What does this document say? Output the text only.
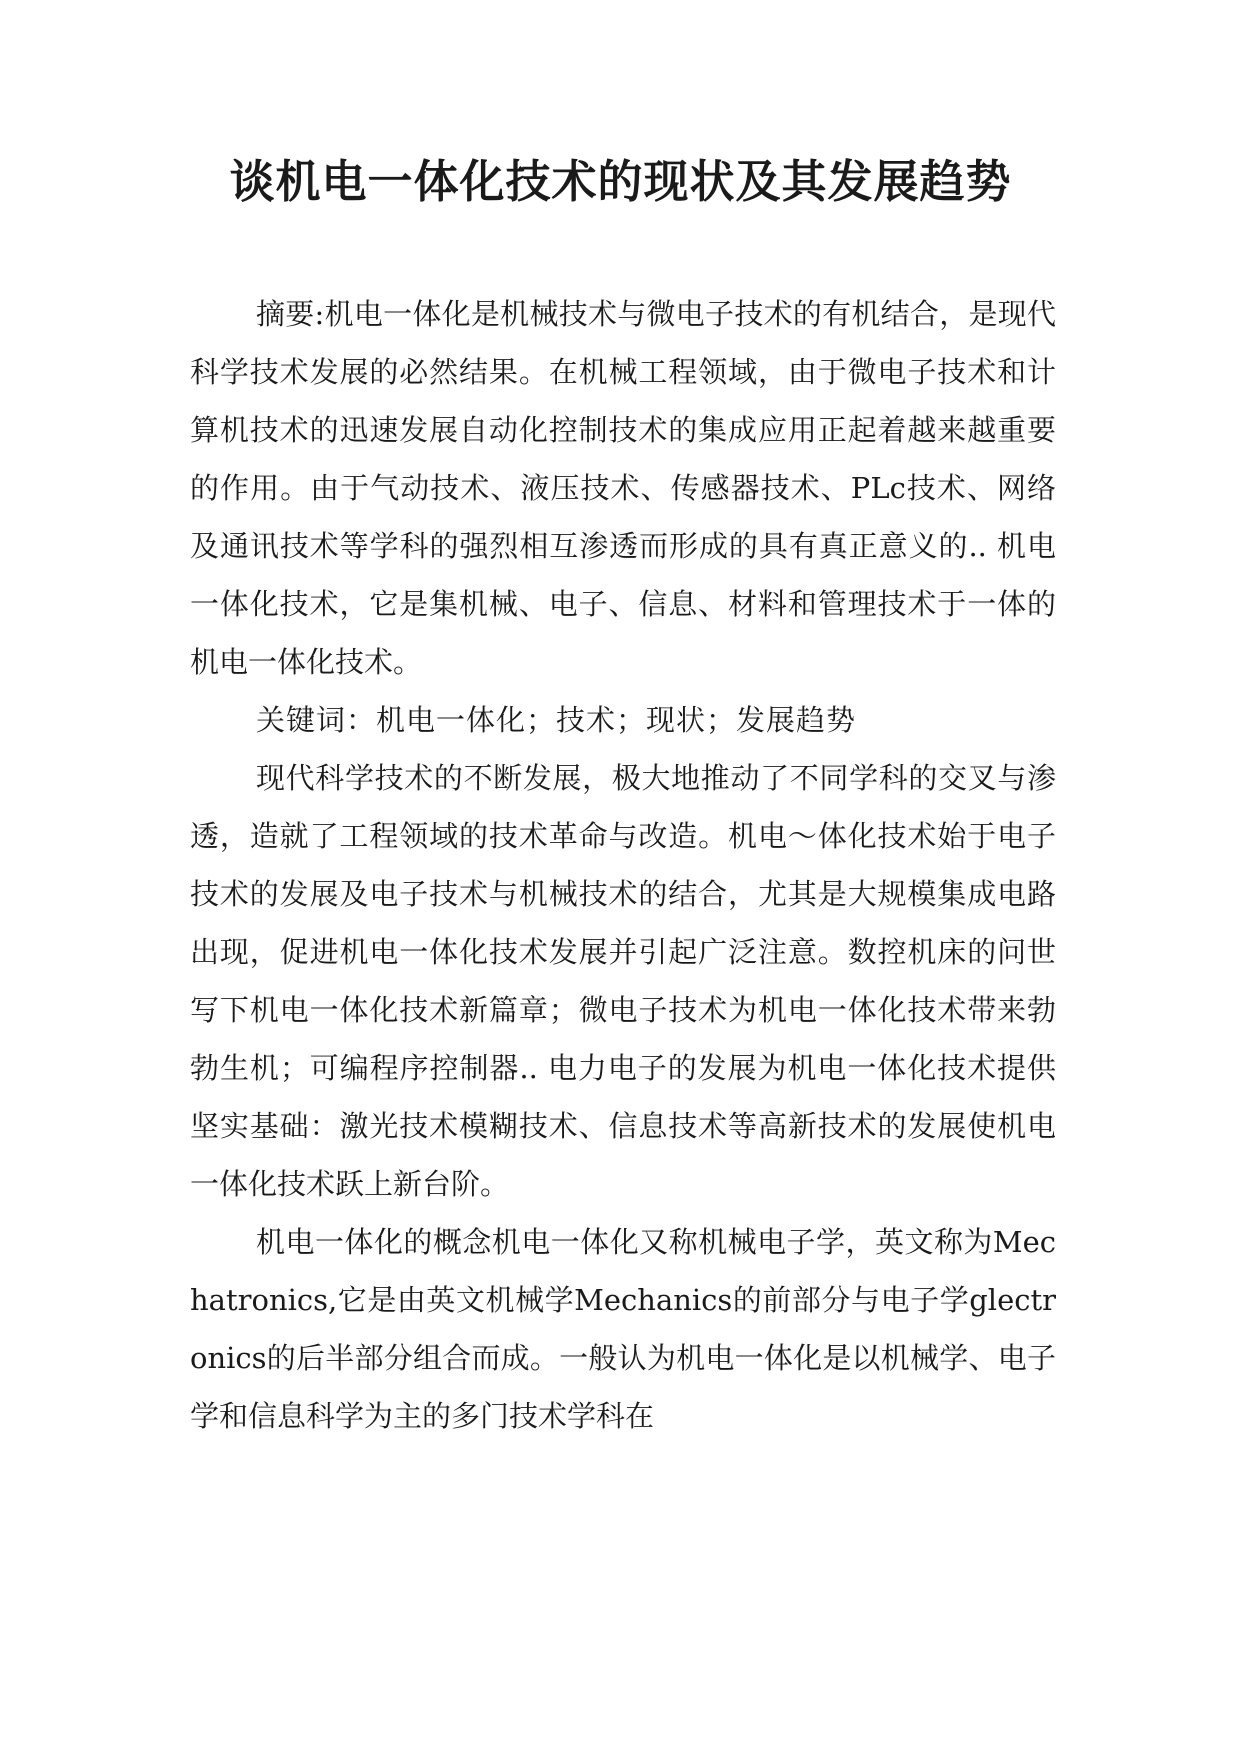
谈机电一体化技术的现状及其发展趋势

摘要:机电一体化是机械技术与微电子技术的有机结合，是现代科学技术发展的必然结果。在机械工程领域，由于微电子技术和计算机技术的迅速发展自动化控制技术的集成应用正起着越来越重要的作用。由于气动技术、液压技术、传感器技术、PLc技术、网络及通讯技术等学科的强烈相互渗透而形成的具有真正意义的.. 机电一体化技术，它是集机械、电子、信息、材料和管理技术于一体的机电一体化技术。

关键词：机电一体化；技术；现状；发展趋势

现代科学技术的不断发展，极大地推动了不同学科的交叉与渗透，造就了工程领域的技术革命与改造。机电～体化技术始于电子技术的发展及电子技术与机械技术的结合，尤其是大规模集成电路出现，促进机电一体化技术发展并引起广泛注意。数控机床的问世写下机电一体化技术新篇章；微电子技术为机电一体化技术带来勃勃生机；可编程序控制器.. 电力电子的发展为机电一体化技术提供坚实基础：激光技术模糊技术、信息技术等高新技术的发展使机电一体化技术跃上新台阶。

机电一体化的概念机电一体化又称机械电子学，英文称为Mechatronics,它是由英文机械学Mechanics的前部分与电子学glectronics的后半部分组合而成。一般认为机电一体化是以机械学、电子学和信息科学为主的多门技术学科在
